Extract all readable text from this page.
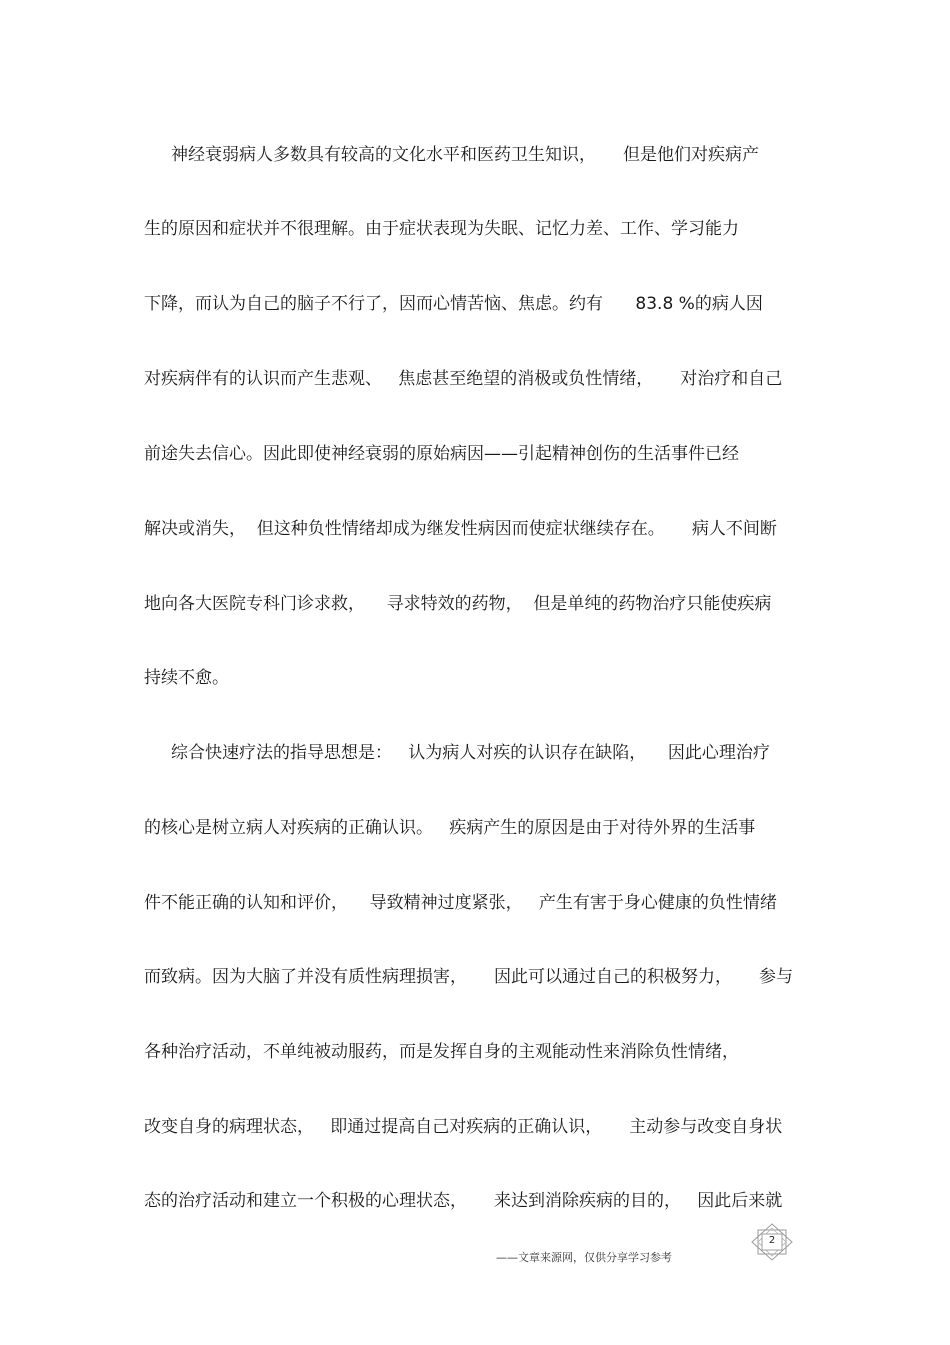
神经衰弱病人多数具有较高的文化水平和医药卫生知识，     但是他们对疾病产
生的原因和症状并不很理解。由于症状表现为失眠、记忆力差、工作、学习能力
下降，而认为自己的脑子不行了，因而心情苦恼、焦虑。约有      83.8 %的病人因
对疾病伴有的认识而产生悲观、   焦虑甚至绝望的消极或负性情绪，     对治疗和自己
前途失去信心。因此即使神经衰弱的原始病因——引起精神创伤的生活事件已经
解决或消失，  但这种负性情绪却成为继发性病因而使症状继续存在。     病人不间断
地向各大医院专科门诊求救，    寻求特效的药物，  但是单纯的药物治疗只能使疾病
持续不愈。
综合快速疗法的指导思想是：   认为病人对疾的认识存在缺陷，    因此心理治疗
的核心是树立病人对疾病的正确认识。   疾病产生的原因是由于对待外界的生活事
件不能正确的认知和评价，    导致精神过度紧张，   产生有害于身心健康的负性情绪
而致病。因为大脑了并没有质性病理损害，     因此可以通过自己的积极努力，     参与
各种治疗活动，不单纯被动服药，而是发挥自身的主观能动性来消除负性情绪，
改变自身的病理状态，   即通过提高自己对疾病的正确认识，     主动参与改变自身状
态的治疗活动和建立一个积极的心理状态，     来达到消除疾病的目的，   因此后来就
2
——文章来源网，仅供分享学习参考
